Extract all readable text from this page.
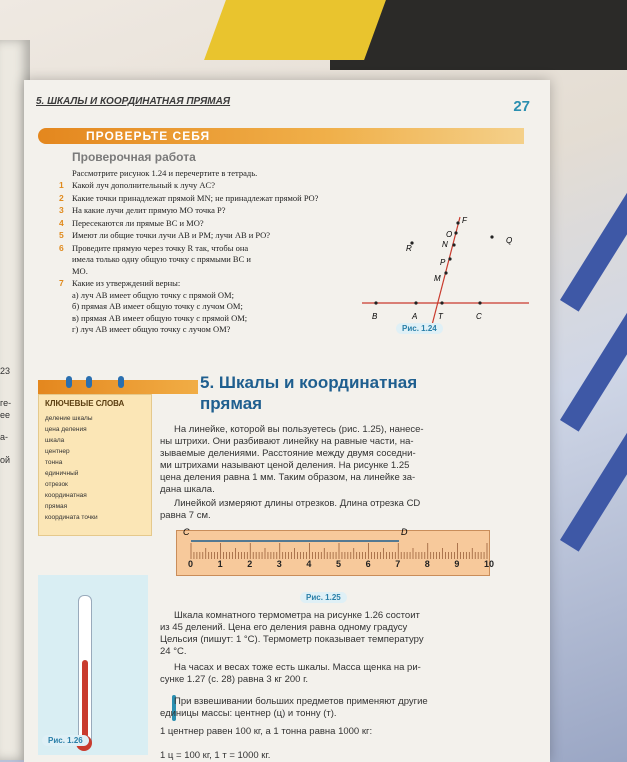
23
ге-
ее
а-
ой
5. ШКАЛЫ И КООРДИНАТНАЯ ПРЯМАЯ	27
ПРОВЕРЬТЕ СЕБЯ
Проверочная работа
Рассмотрите рисунок 1.24 и перечертите в тетрадь.
1 Какой луч дополнительный к лучу AC?
2 Какие точки принадлежат прямой MN; не принадлежат прямой PO?
3 На какие лучи делит прямую MO точка P?
4 Пересекаются ли прямые BC и MO?
5 Имеют ли общие точки лучи AB и PM; лучи AB и PO?
6 Проведите прямую через точку R так, чтобы она
имела только одну общую точку с прямыми BC и
MO.
7 Какие из утверждений верны:
а) луч AB имеет общую точку с прямой OM;
б) прямая AB имеет общую точку с лучом OM;
в) прямая AB имеет общую точку с прямой OM;
г) луч AB имеет общую точку с лучом OM?
F
O
Q
R	N
P
M
B	A	T	C
Рис. 1.24
КЛЮЧЕВЫЕ СЛОВА
деление шкалы
цена деления
шкала
центнер
тонна
единичный
отрезок
координатная
прямая
координата точки
5. Шкалы и координатная
прямая
На линейке, которой вы пользуетесь (рис. 1.25), нанесе-
ны штрихи. Они разбивают линейку на равные части, на-
зываемые делениями. Расстояние между двумя соседни-
ми штрихами называют ценой деления. На рисунке 1.25
цена деления равна 1 мм. Таким образом, на линейке за-
дана шкала.
Линейкой измеряют длины отрезков. Длина отрезка CD
равна 7 см.
C	D
0	1	2	3	4	5	6	7	8	9	10
Рис. 1.25
Рис. 1.26
Шкала комнатного термометра на рисунке 1.26 состоит
из 45 делений. Цена его деления равна одному градусу
Цельсия (пишут: 1 °C). Термометр показывает температуру
24 °C.
На часах и весах тоже есть шкалы. Масса щенка на ри-
сунке 1.27 (с. 28) равна 3 кг 200 г.
При взвешивании больших предметов применяют другие
единицы массы: центнер (ц) и тонну (т).
1 центнер равен 100 кг, а 1 тонна равна 1000 кг:
1 ц = 100 кг, 1 т = 1000 кг.
